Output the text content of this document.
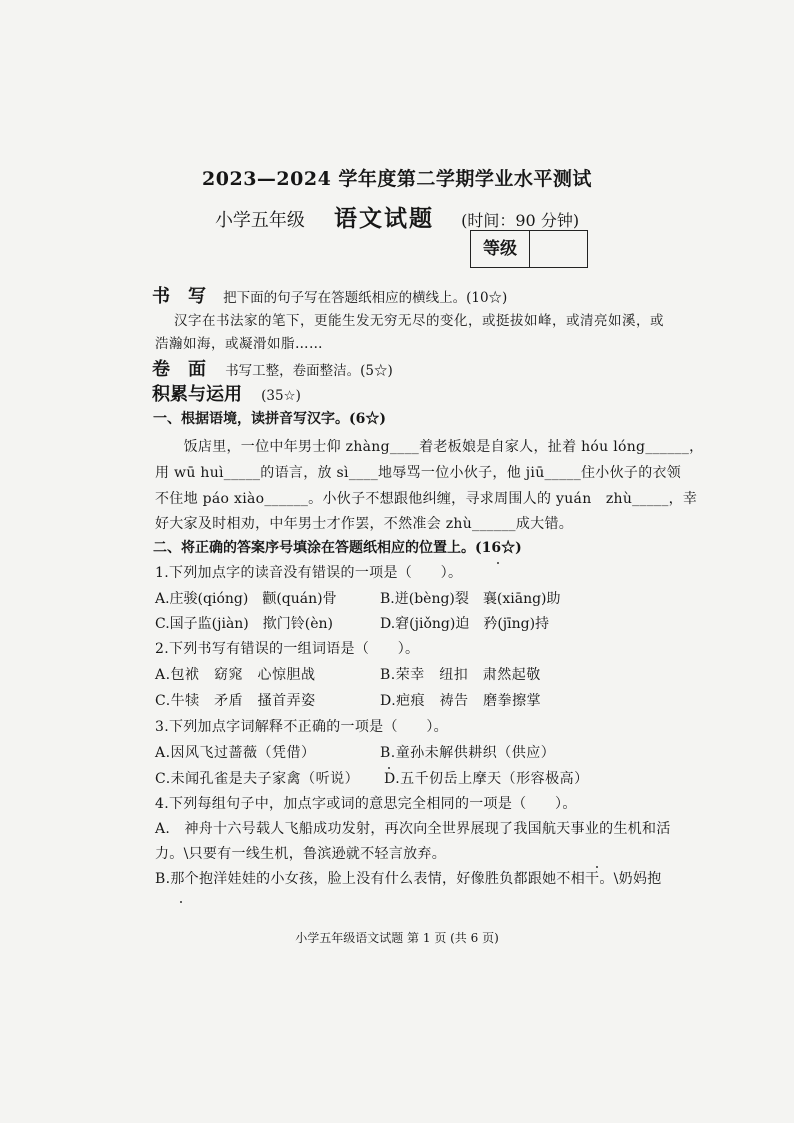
2023—2024 学年度第二学期学业水平测试
小学五年级 语文试题 (时间：90 分钟)
等级
书　写 把下面的句子写在答题纸相应的横线上。(10☆)
汉字在书法家的笔下，更能生发无穷无尽的变化，或挺拔如峰，或清亮如溪，或
浩瀚如海，或凝滑如脂……
卷　面 书写工整，卷面整洁。(5☆)
积累与运用 (35☆)
一、根据语境，读拼音写汉字。(6☆)
　　饭店里，一位中年男士仰 zhàng____着老板娘是自家人，扯着 hóu lóng______，
用 wū huì_____的语言，放 sì____地辱骂一位小伙子，他 jiū_____住小伙子的衣领
不住地 páo xiào______。小伙子不想跟他纠缠，寻求周围人的 yuán　zhù_____，幸
好大家及时相劝，中年男士才作罢，不然准会 zhù______成大错。
二、将正确的答案序号填涂在答题纸相应的位置上。(16☆)
1.下列加点字的读音没有错误的一项是（　　）。
A.庄骏(qióng)　颧(quán)骨	B.迸(bèng)裂　襄(xiāng)助
C.国子监(jiàn)　揿门铃(èn)	D.窘(jiǒng)迫　矜(jīng)持
2.下列书写有错误的一组词语是（　　）。
A.包袱　窈窕　心惊胆战	B.荣幸　纽扣　肃然起敬
C.牛犊　矛盾　搔首弄姿	D.疤痕　祷告　磨拳擦掌
3.下列加点字词解释不正确的一项是（　　）。
A.因风飞过蔷薇（凭借）	B.童孙未解供耕织（供应）
C.未闻孔雀是夫子家禽（听说） D.五千仞岳上摩天（形容极高）
4.下列每组句子中，加点字或词的意思完全相同的一项是（　　）。
A.　神舟十六号载人飞船成功发射，再次向全世界展现了我国航天事业的生机和活
力。\只要有一线生机，鲁滨逊就不轻言放弃。
B.那个抱洋娃娃的小女孩，脸上没有什么表情，好像胜负都跟她不相干。\奶妈抱
小学五年级语文试题 第 1 页 (共 6 页)
